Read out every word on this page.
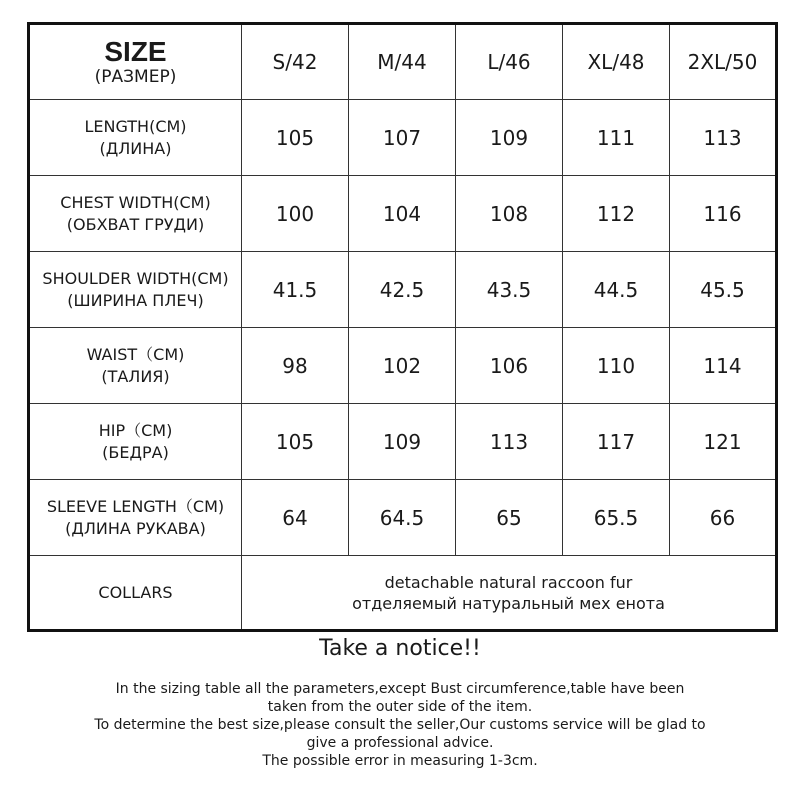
SIZE
(РАЗМЕР)	S/42	M/44	L/46	XL/48	2XL/50

LENGTH(CM)
(ДЛИНА)	105	107	109	111	113

CHEST WIDTH(CM)
(ОБХВАТ ГРУДИ)	100	104	108	112	116

SHOULDER WIDTH(CM)
(ШИРИНА ПЛЕЧ)	41.5	42.5	43.5	44.5	45.5

WAIST（CM)
(ТАЛИЯ)	98	102	106	110	114

HIP（CM)
(БЕДРА)	105	109	113	117	121

SLEEVE LENGTH（CM)
(ДЛИНА РУКАВА)	64	64.5	65	65.5	66
COLLARS	detachable natural raccoon fur
отделяемый натуральный мех енота				
Take a notice!!
In the sizing table all the parameters,except Bust circumference,table have been
taken from the outer side of the item.
To determine the best size,please consult the seller,Our customs service will be glad to
give a professional advice.
The possible error in measuring 1-3cm.
